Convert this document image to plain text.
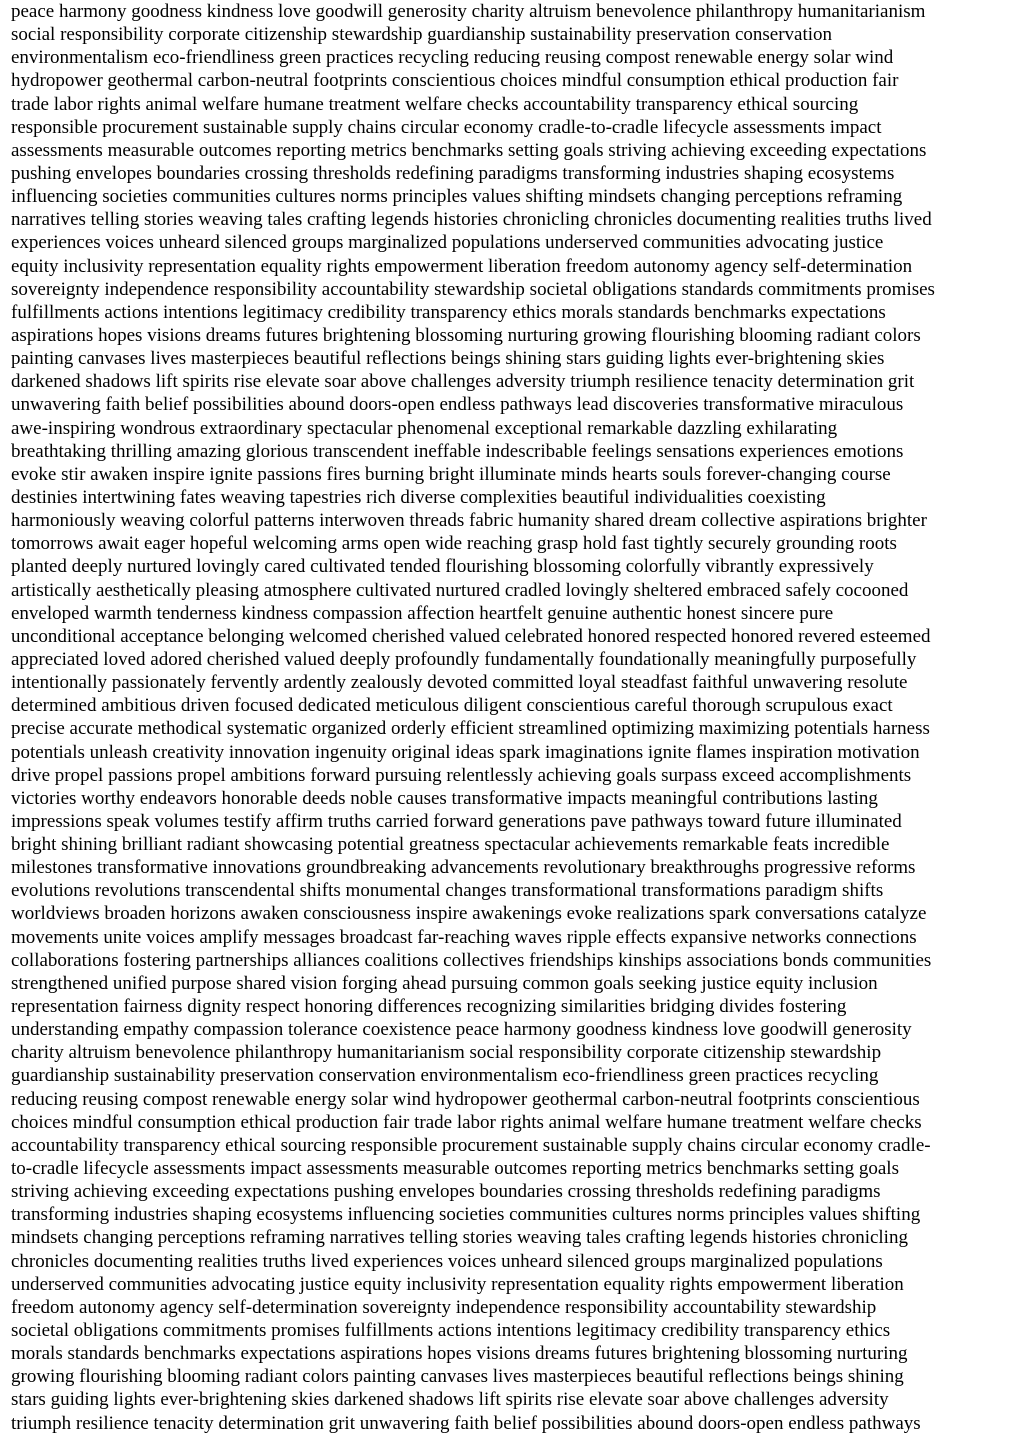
peace harmony goodness kindness love goodwill generosity charity altruism benevolence philanthropy humanitarianism
social responsibility corporate citizenship stewardship guardianship sustainability preservation conservation
environmentalism eco-friendliness green practices recycling reducing reusing compost renewable energy solar wind
hydropower geothermal carbon-neutral footprints conscientious choices mindful consumption ethical production fair
trade labor rights animal welfare humane treatment welfare checks accountability transparency ethical sourcing
responsible procurement sustainable supply chains circular economy cradle-to-cradle lifecycle assessments impact
assessments measurable outcomes reporting metrics benchmarks setting goals striving achieving exceeding expectations
pushing envelopes boundaries crossing thresholds redefining paradigms transforming industries shaping ecosystems
influencing societies communities cultures norms principles values shifting mindsets changing perceptions reframing
narratives telling stories weaving tales crafting legends histories chronicling chronicles documenting realities truths lived
experiences voices unheard silenced groups marginalized populations underserved communities advocating justice
equity inclusivity representation equality rights empowerment liberation freedom autonomy agency self-determination
sovereignty independence responsibility accountability stewardship societal obligations standards commitments promises
fulfillments actions intentions legitimacy credibility transparency ethics morals standards benchmarks expectations
aspirations hopes visions dreams futures brightening blossoming nurturing growing flourishing blooming radiant colors
painting canvases lives masterpieces beautiful reflections beings shining stars guiding lights ever-brightening skies
darkened shadows lift spirits rise elevate soar above challenges adversity triumph resilience tenacity determination grit
unwavering faith belief possibilities abound doors-open endless pathways lead discoveries transformative miraculous
awe-inspiring wondrous extraordinary spectacular phenomenal exceptional remarkable dazzling exhilarating
breathtaking thrilling amazing glorious transcendent ineffable indescribable feelings sensations experiences emotions
evoke stir awaken inspire ignite passions fires burning bright illuminate minds hearts souls forever-changing course
destinies intertwining fates weaving tapestries rich diverse complexities beautiful individualities coexisting
harmoniously weaving colorful patterns interwoven threads fabric humanity shared dream collective aspirations brighter
tomorrows await eager hopeful welcoming arms open wide reaching grasp hold fast tightly securely grounding roots
planted deeply nurtured lovingly cared cultivated tended flourishing blossoming colorfully vibrantly expressively
artistically aesthetically pleasing atmosphere cultivated nurtured cradled lovingly sheltered embraced safely cocooned
enveloped warmth tenderness kindness compassion affection heartfelt genuine authentic honest sincere pure
unconditional acceptance belonging welcomed cherished valued celebrated honored respected honored revered esteemed
appreciated loved adored cherished valued deeply profoundly fundamentally foundationally meaningfully purposefully
intentionally passionately fervently ardently zealously devoted committed loyal steadfast faithful unwavering resolute
determined ambitious driven focused dedicated meticulous diligent conscientious careful thorough scrupulous exact
precise accurate methodical systematic organized orderly efficient streamlined optimizing maximizing potentials harness
potentials unleash creativity innovation ingenuity original ideas spark imaginations ignite flames inspiration motivation
drive propel passions propel ambitions forward pursuing relentlessly achieving goals surpass exceed accomplishments
victories worthy endeavors honorable deeds noble causes transformative impacts meaningful contributions lasting
impressions speak volumes testify affirm truths carried forward generations pave pathways toward future illuminated
bright shining brilliant radiant showcasing potential greatness spectacular achievements remarkable feats incredible
milestones transformative innovations groundbreaking advancements revolutionary breakthroughs progressive reforms
evolutions revolutions transcendental shifts monumental changes transformational transformations paradigm shifts
worldviews broaden horizons awaken consciousness inspire awakenings evoke realizations spark conversations catalyze
movements unite voices amplify messages broadcast far-reaching waves ripple effects expansive networks connections
collaborations fostering partnerships alliances coalitions collectives friendships kinships associations bonds communities
strengthened unified purpose shared vision forging ahead pursuing common goals seeking justice equity inclusion
representation fairness dignity respect honoring differences recognizing similarities bridging divides fostering
understanding empathy compassion tolerance coexistence peace harmony goodness kindness love goodwill generosity
charity altruism benevolence philanthropy humanitarianism social responsibility corporate citizenship stewardship
guardianship sustainability preservation conservation environmentalism eco-friendliness green practices recycling
reducing reusing compost renewable energy solar wind hydropower geothermal carbon-neutral footprints conscientious
choices mindful consumption ethical production fair trade labor rights animal welfare humane treatment welfare checks
accountability transparency ethical sourcing responsible procurement sustainable supply chains circular economy cradle-
to-cradle lifecycle assessments impact assessments measurable outcomes reporting metrics benchmarks setting goals
striving achieving exceeding expectations pushing envelopes boundaries crossing thresholds redefining paradigms
transforming industries shaping ecosystems influencing societies communities cultures norms principles values shifting
mindsets changing perceptions reframing narratives telling stories weaving tales crafting legends histories chronicling
chronicles documenting realities truths lived experiences voices unheard silenced groups marginalized populations
underserved communities advocating justice equity inclusivity representation equality rights empowerment liberation
freedom autonomy agency self-determination sovereignty independence responsibility accountability stewardship
societal obligations commitments promises fulfillments actions intentions legitimacy credibility transparency ethics
morals standards benchmarks expectations aspirations hopes visions dreams futures brightening blossoming nurturing
growing flourishing blooming radiant colors painting canvases lives masterpieces beautiful reflections beings shining
stars guiding lights ever-brightening skies darkened shadows lift spirits rise elevate soar above challenges adversity
triumph resilience tenacity determination grit unwavering faith belief possibilities abound doors-open endless pathways
